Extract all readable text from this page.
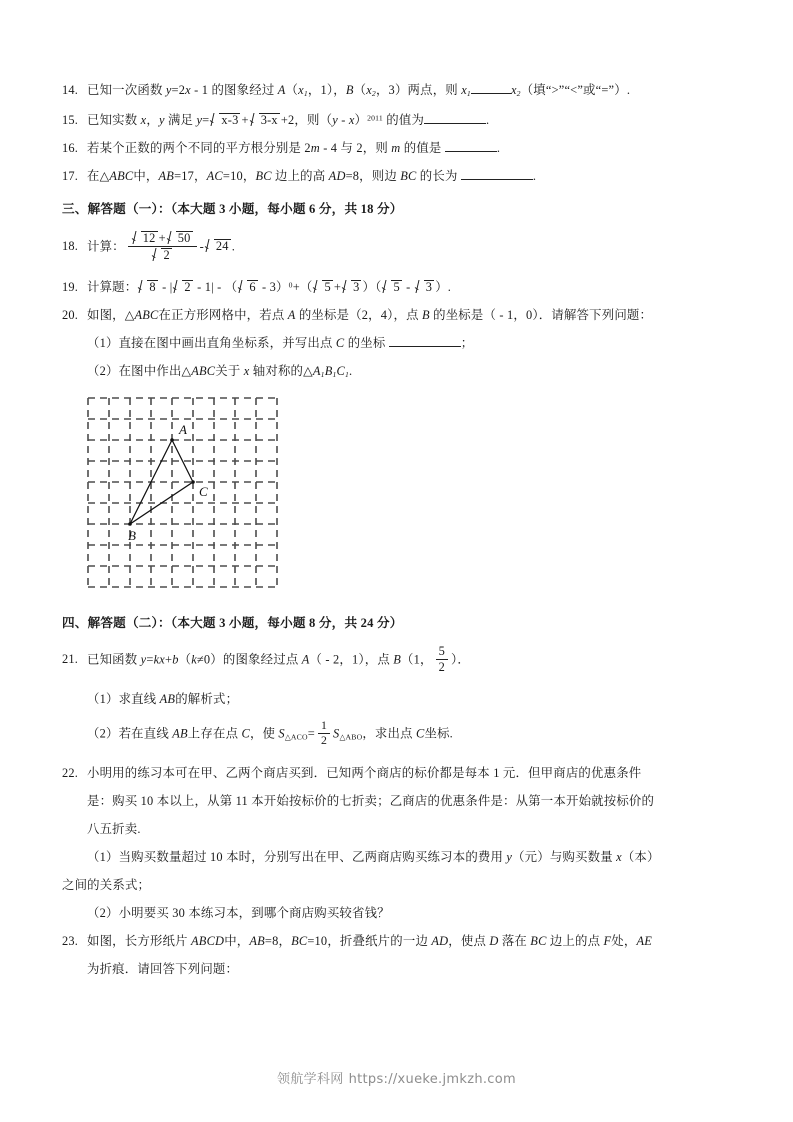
14. 已知一次函数 y=2x - 1 的图象经过 $A(x_1$，1），$B(x_2$，3）两点，则 $x_1$	$x_2$（填“>”“<”或“=”）.
15. 已知实数 x，y 满足 y= x-3 + 3-x +2，则（y - x）$^{2011}$ 的值为	.
16. 若某个正数的两个不同的平方根分别是 2m - 4 与 2，则 m 的值是	.
17. 在△ABC中，AB=17，AC=10，BC 边上的高 AD=8，则边 BC 的长为	.
三、解答题（一）：（本大题 3 小题，每小题 6 分，共 18 分）
18. 计算： $\frac{12 + 50}{2} - 24$ .
19. 计算题： 8 - | 2 - 1| - （ 6 - 3）$^0$+（ 5 + 3 ）（ 5 - 3 ）.
20. 如图，△ABC在正方形网格中，若点 A 的坐标是（2，4），点 B 的坐标是（ - 1，0）．请解答下列问题：
（1）直接在图中画出直角坐标系，并写出点 C 的坐标	；
（2）在图中作出△ABC关于 x 轴对称的$\triangle A_1B_1C_1$.
A
B
C
四、解答题（二）：（本大题 3 小题，每小题 8 分，共 24 分）
21. 已知函数 y=kx+b（k≠0）的图象经过点 A（ - 2，1），点 B（1， $\frac{5}{2}$ ）．
（1）求直线 AB的解析式；
（2）若在直线 AB上存在点 C，使 $S_{\triangle ACO}= \frac{1}{2} S_{\triangle ABO}$，求出点 C坐标.
22. 小明用的练习本可在甲、乙两个商店买到．已知两个商店的标价都是每本 1 元．但甲商店的优惠条件
是：购买 10 本以上，从第 11 本开始按标价的七折卖；乙商店的优惠条件是：从第一本开始就按标价的
八五折卖.
（1）当购买数量超过 10 本时，分别写出在甲、乙两商店购买练习本的费用 y（元）与购买数量 x（本）
之间的关系式；
（2）小明要买 30 本练习本，到哪个商店购买较省钱？
23. 如图，长方形纸片 ABCD中，AB=8，BC=10，折叠纸片的一边 AD，使点 D 落在 BC 边上的点 F处，AE
为折痕．请回答下列问题：
领航学科网 https://xueke.jmkzh.com
